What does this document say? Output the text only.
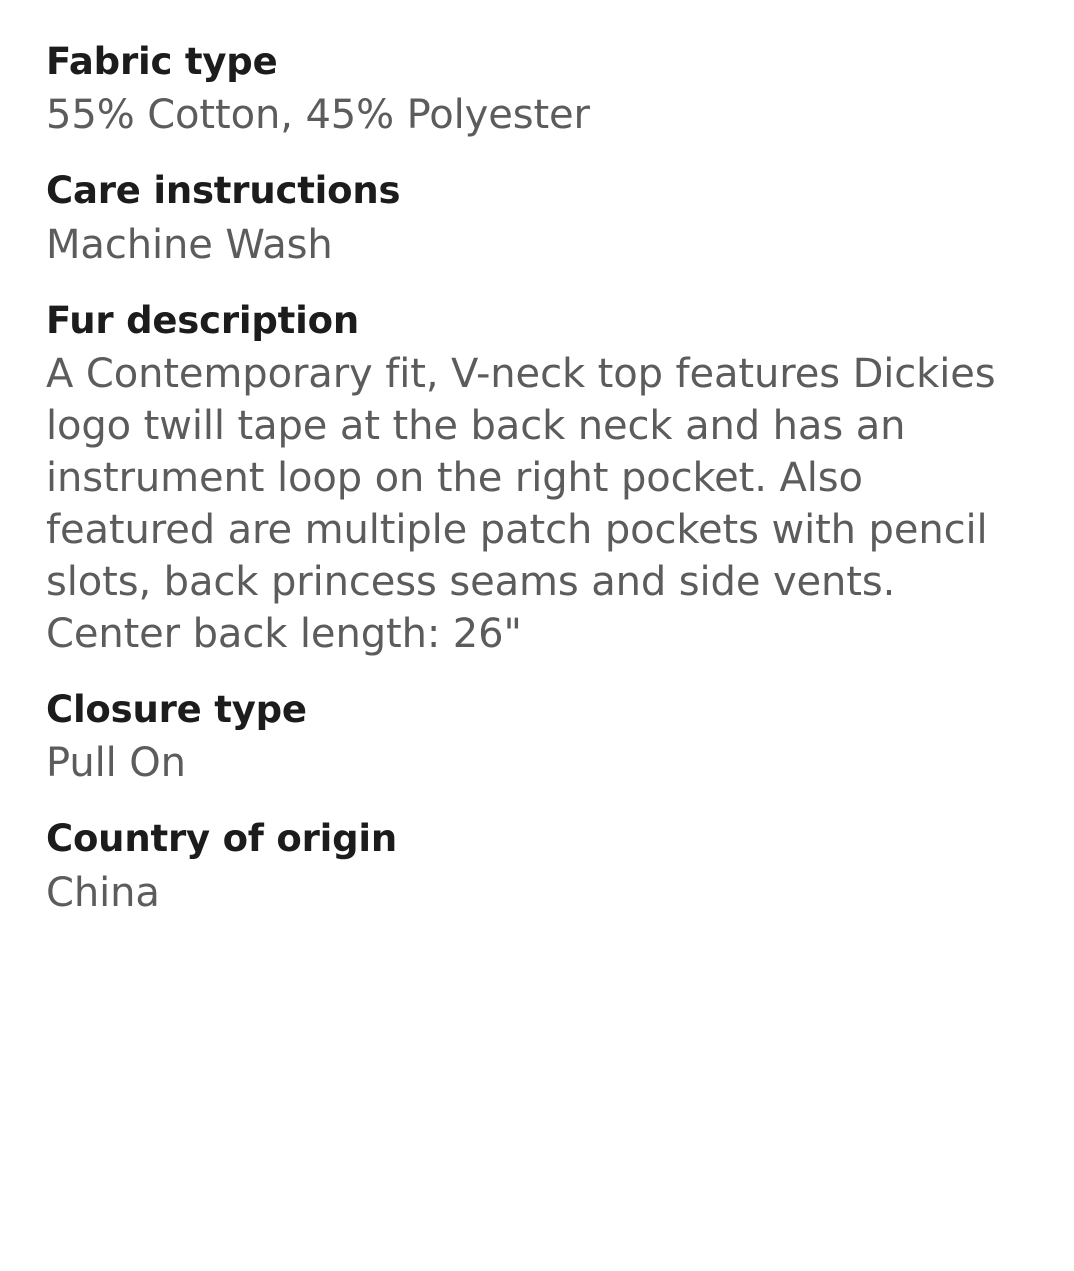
Fabric type
55% Cotton, 45% Polyester
Care instructions
Machine Wash
Fur description
A Contemporary fit, V-neck top features Dickies logo twill tape at the back neck and has an instrument loop on the right pocket. Also featured are multiple patch pockets with pencil slots, back princess seams and side vents. Center back length: 26"
Closure type
Pull On
Country of origin
China
